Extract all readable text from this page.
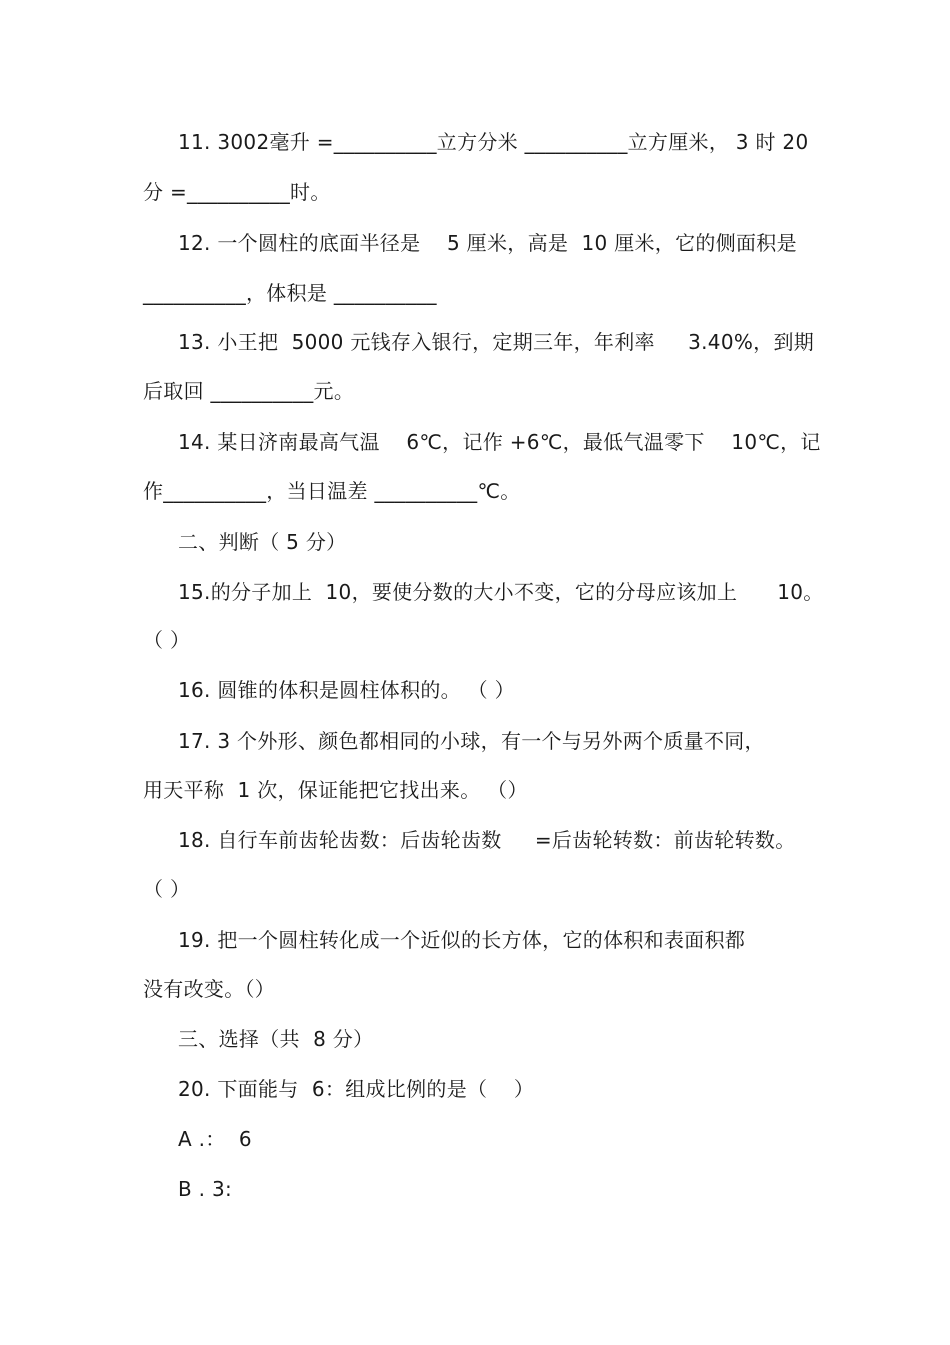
11. 3002毫升 =__________立方分米 __________立方厘米， 3 时 20
分 =__________时。
12. 一个圆柱的底面半径是    5 厘米，高是  10 厘米，它的侧面积是
__________，体积是 __________
13. 小王把  5000 元钱存入银行，定期三年，年利率     3.40%，到期
后取回 __________元。
14. 某日济南最高气温    6℃，记作 +6℃，最低气温零下    10℃，记
作__________，当日温差 __________℃。
二、判断（ 5 分）
15.的分子加上  10，要使分数的大小不变，它的分母应该加上      10。
（ ）
16. 圆锥的体积是圆柱体积的。 （ ）
17. 3 个外形、颜色都相同的小球，有一个与另外两个质量不同，
用天平称  1 次，保证能把它找出来。 （）
18. 自行车前齿轮齿数：后齿轮齿数     =后齿轮转数：前齿轮转数。
（ ）
19. 把一个圆柱转化成一个近似的长方体，它的体积和表面积都
没有改变。（）
三、选择（共  8 分）
20. 下面能与  6：组成比例的是（    ）
A .：  6
B . 3:
